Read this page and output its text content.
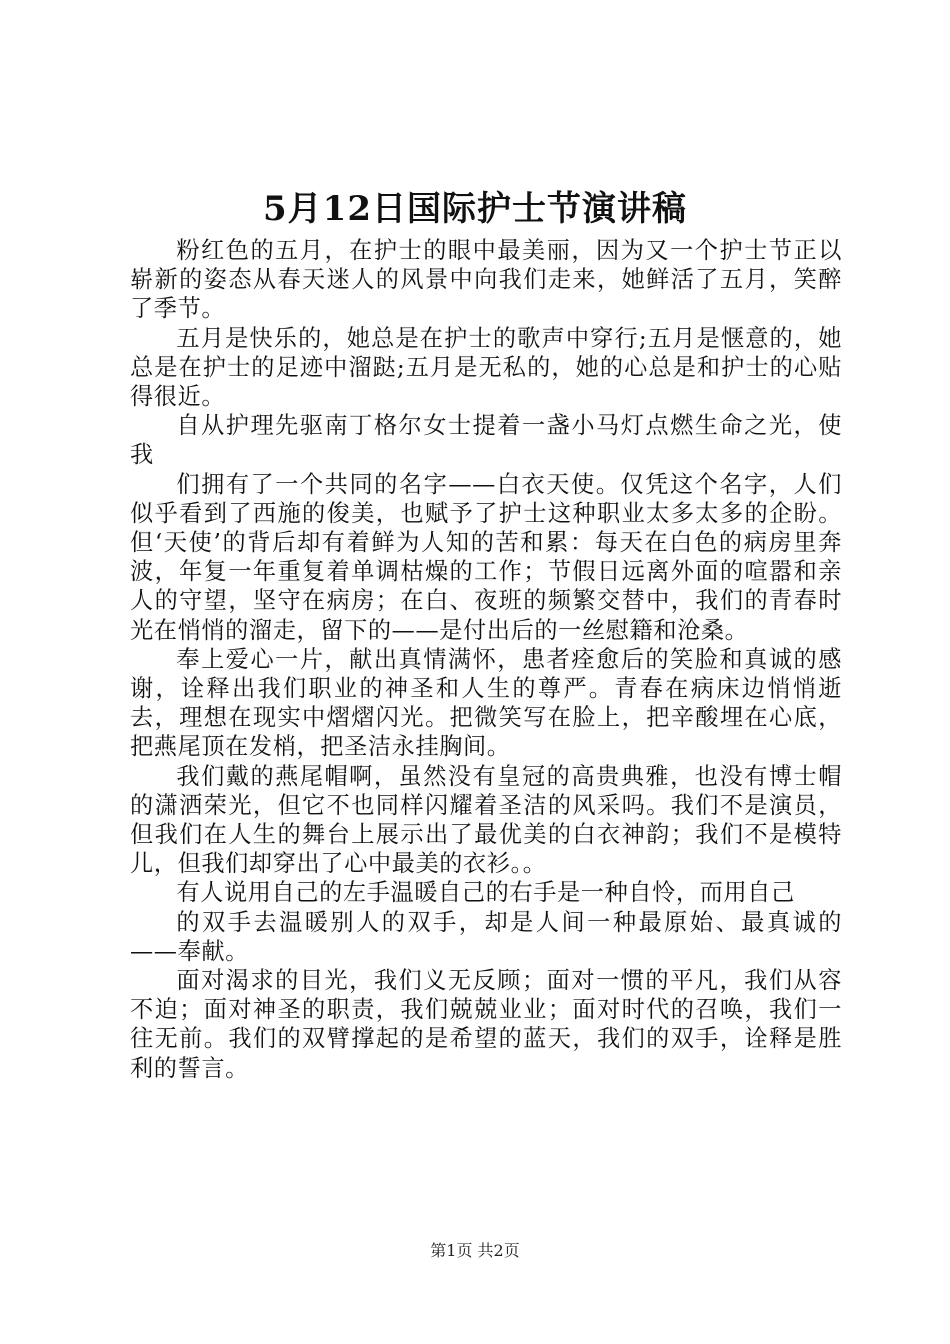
5月12日国际护士节演讲稿

粉红色的五月，在护士的眼中最美丽，因为又一个护士节正以崭新的姿态从春天迷人的风景中向我们走来，她鲜活了五月，笑醉了季节。

五月是快乐的，她总是在护士的歌声中穿行;五月是惬意的，她总是在护士的足迹中溜跶;五月是无私的，她的心总是和护士的心贴得很近。

自从护理先驱南丁格尔女士提着一盏小马灯点燃生命之光，使我

们拥有了一个共同的名字——白衣天使。仅凭这个名字，人们似乎看到了西施的俊美，也赋予了护士这种职业太多太多的企盼。但‘天使’的背后却有着鲜为人知的苦和累：每天在白色的病房里奔波，年复一年重复着单调枯燥的工作；节假日远离外面的喧嚣和亲人的守望，坚守在病房；在白、夜班的频繁交替中，我们的青春时光在悄悄的溜走，留下的——是付出后的一丝慰籍和沧桑。

奉上爱心一片，献出真情满怀，患者痊愈后的笑脸和真诚的感谢，诠释出我们职业的神圣和人生的尊严。青春在病床边悄悄逝去，理想在现实中熠熠闪光。把微笑写在脸上，把辛酸埋在心底，把燕尾顶在发梢，把圣洁永挂胸间。

我们戴的燕尾帽啊，虽然没有皇冠的高贵典雅，也没有博士帽的潇洒荣光，但它不也同样闪耀着圣洁的风采吗。我们不是演员，但我们在人生的舞台上展示出了最优美的白衣神韵；我们不是模特儿，但我们却穿出了心中最美的衣衫。。

有人说用自己的左手温暖自己的右手是一种自怜，而用自己

的双手去温暖别人的双手，却是人间一种最原始、最真诚的——奉献。

面对渴求的目光，我们义无反顾；面对一惯的平凡，我们从容不迫；面对神圣的职责，我们兢兢业业；面对时代的召唤，我们一往无前。我们的双臂撑起的是希望的蓝天，我们的双手，诠释是胜利的誓言。

第1页 共2页
